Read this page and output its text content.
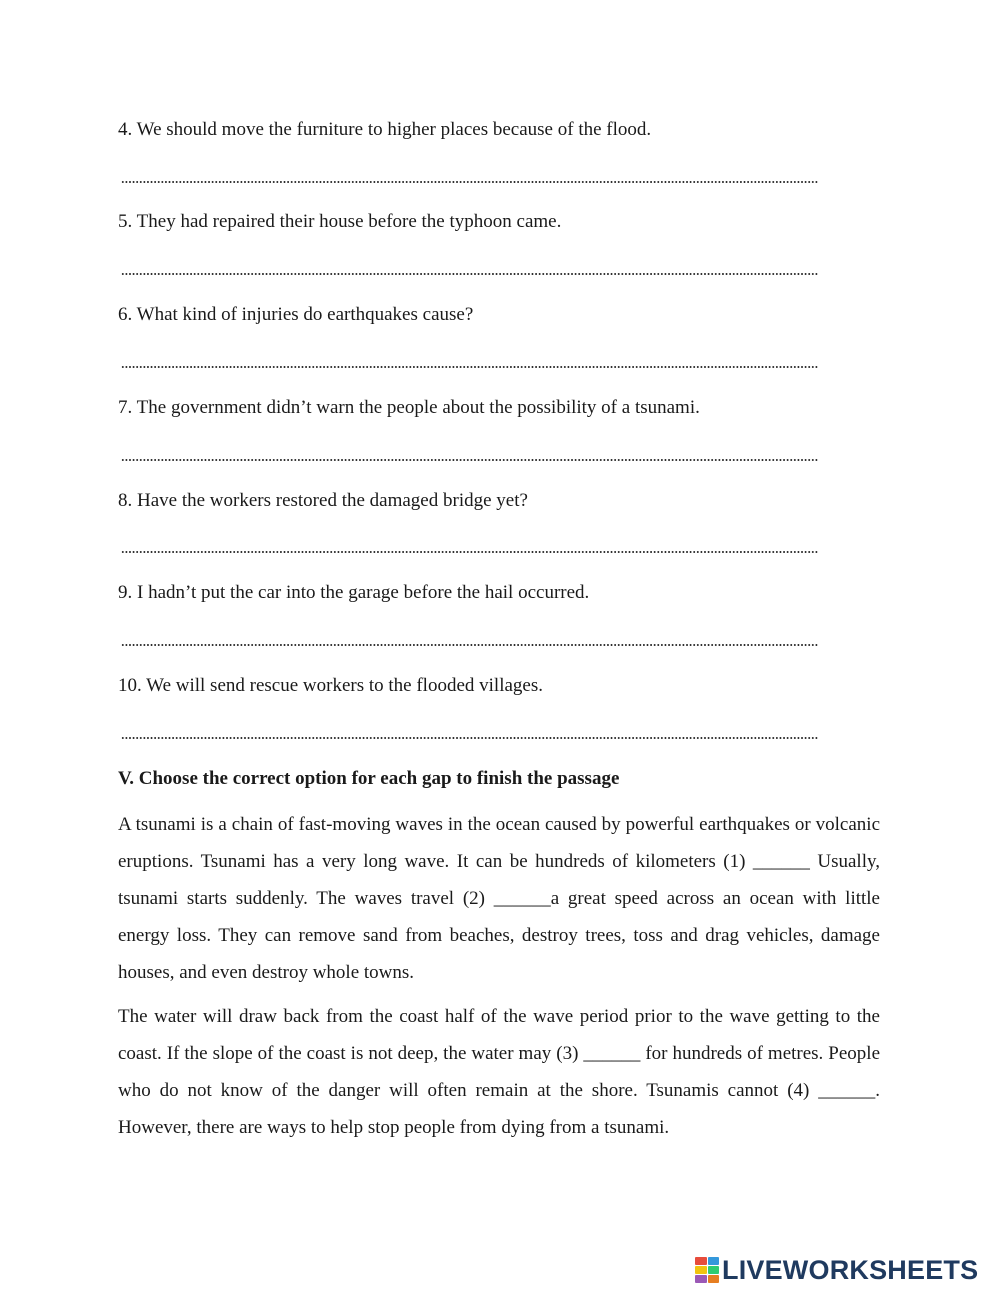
4. We should move the furniture to higher places because of the flood.
5. They had repaired their house before the typhoon came.
6. What kind of injuries do earthquakes cause?
7. The government didn’t warn the people about the possibility of a tsunami.
8. Have the workers restored the damaged bridge yet?
9. I hadn’t put the car into the garage before the hail occurred.
10. We will send rescue workers to the flooded villages.
V. Choose the correct option for each gap to finish the passage

A tsunami is a chain of fast-moving waves in the ocean caused by powerful earthquakes or volcanic eruptions. Tsunami has a very long wave. It can be hundreds of kilometers (1) ______ Usually, tsunami starts suddenly. The waves travel (2) ______a great speed across an ocean with little energy loss. They can remove sand from beaches, destroy trees, toss and drag vehicles, damage houses, and even destroy whole towns.

The water will draw back from the coast half of the wave period prior to the wave getting to the coast. If the slope of the coast is not deep, the water may (3) ______ for hundreds of metres. People who do not know of the danger will often remain at the shore. Tsunamis cannot (4) ______. However, there are ways to help stop people from dying from a tsunami.

LIVEWORKSHEETS
